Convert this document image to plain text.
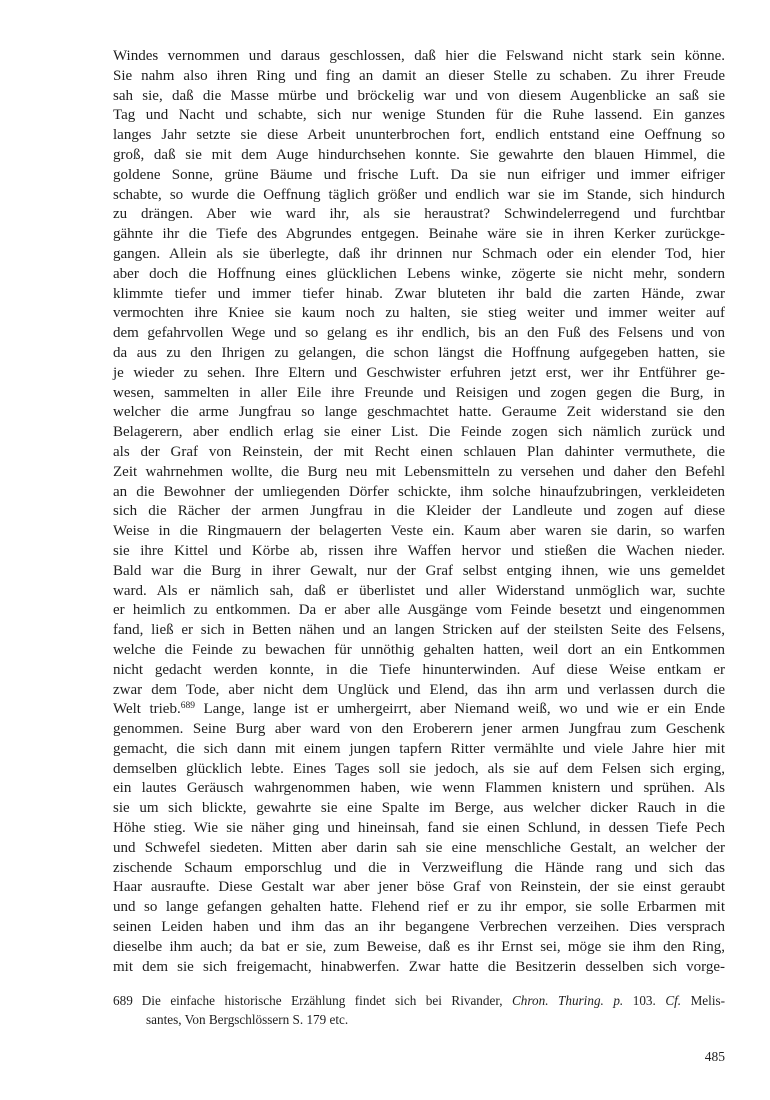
Windes vernommen und daraus geschlossen, daß hier die Felswand nicht stark sein könne.
Sie nahm also ihren Ring und fing an damit an dieser Stelle zu schaben. Zu ihrer Freude
sah sie, daß die Masse mürbe und bröckelig war und von diesem Augenblicke an saß sie
Tag und Nacht und schabte, sich nur wenige Stunden für die Ruhe lassend. Ein ganzes
langes Jahr setzte sie diese Arbeit ununterbrochen fort, endlich entstand eine Oeffnung so
groß, daß sie mit dem Auge hindurchsehen konnte. Sie gewahrte den blauen Himmel, die
goldene Sonne, grüne Bäume und frische Luft. Da sie nun eifriger und immer eifriger
schabte, so wurde die Oeffnung täglich größer und endlich war sie im Stande, sich hindurch
zu drängen. Aber wie ward ihr, als sie heraustrat? Schwindelerregend und furchtbar
gähnte ihr die Tiefe des Abgrundes entgegen. Beinahe wäre sie in ihren Kerker zurückge-
gangen. Allein als sie überlegte, daß ihr drinnen nur Schmach oder ein elender Tod, hier
aber doch die Hoffnung eines glücklichen Lebens winke, zögerte sie nicht mehr, sondern
klimmte tiefer und immer tiefer hinab. Zwar bluteten ihr bald die zarten Hände, zwar
vermochten ihre Kniee sie kaum noch zu halten, sie stieg weiter und immer weiter auf
dem gefahrvollen Wege und so gelang es ihr endlich, bis an den Fuß des Felsens und von
da aus zu den Ihrigen zu gelangen, die schon längst die Hoffnung aufgegeben hatten, sie
je wieder zu sehen. Ihre Eltern und Geschwister erfuhren jetzt erst, wer ihr Entführer ge-
wesen, sammelten in aller Eile ihre Freunde und Reisigen und zogen gegen die Burg, in
welcher die arme Jungfrau so lange geschmachtet hatte. Geraume Zeit widerstand sie den
Belagerern, aber endlich erlag sie einer List. Die Feinde zogen sich nämlich zurück und
als der Graf von Reinstein, der mit Recht einen schlauen Plan dahinter vermuthete, die
Zeit wahrnehmen wollte, die Burg neu mit Lebensmitteln zu versehen und daher den Befehl
an die Bewohner der umliegenden Dörfer schickte, ihm solche hinaufzubringen, verkleideten
sich die Rächer der armen Jungfrau in die Kleider der Landleute und zogen auf diese
Weise in die Ringmauern der belagerten Veste ein. Kaum aber waren sie darin, so warfen
sie ihre Kittel und Körbe ab, rissen ihre Waffen hervor und stießen die Wachen nieder.
Bald war die Burg in ihrer Gewalt, nur der Graf selbst entging ihnen, wie uns gemeldet
ward. Als er nämlich sah, daß er überlistet und aller Widerstand unmöglich war, suchte
er heimlich zu entkommen. Da er aber alle Ausgänge vom Feinde besetzt und eingenommen
fand, ließ er sich in Betten nähen und an langen Stricken auf der steilsten Seite des Felsens,
welche die Feinde zu bewachen für unnöthig gehalten hatten, weil dort an ein Entkommen
nicht gedacht werden konnte, in die Tiefe hinunterwinden. Auf diese Weise entkam er
zwar dem Tode, aber nicht dem Unglück und Elend, das ihn arm und verlassen durch die
Welt trieb.$^{689}$ Lange, lange ist er umhergeirrt, aber Niemand weiß, wo und wie er ein Ende
genommen. Seine Burg aber ward von den Eroberern jener armen Jungfrau zum Geschenk
gemacht, die sich dann mit einem jungen tapfern Ritter vermählte und viele Jahre hier mit
demselben glücklich lebte. Eines Tages soll sie jedoch, als sie auf dem Felsen sich erging,
ein lautes Geräusch wahrgenommen haben, wie wenn Flammen knistern und sprühen. Als
sie um sich blickte, gewahrte sie eine Spalte im Berge, aus welcher dicker Rauch in die
Höhe stieg. Wie sie näher ging und hineinsah, fand sie einen Schlund, in dessen Tiefe Pech
und Schwefel siedeten. Mitten aber darin sah sie eine menschliche Gestalt, an welcher der
zischende Schaum emporschlug und die in Verzweiflung die Hände rang und sich das
Haar ausraufte. Diese Gestalt war aber jener böse Graf von Reinstein, der sie einst geraubt
und so lange gefangen gehalten hatte. Flehend rief er zu ihr empor, sie solle Erbarmen mit
seinen Leiden haben und ihm das an ihr begangene Verbrechen verzeihen. Dies versprach
dieselbe ihm auch; da bat er sie, zum Beweise, daß es ihr Ernst sei, möge sie ihm den Ring,
mit dem sie sich freigemacht, hinabwerfen. Zwar hatte die Besitzerin desselben sich vorge-
689 Die einfache historische Erzählung findet sich bei Rivander, Chron. Thuring. p. 103. Cf. Melis-
santes, Von Bergschlössern S. 179 etc.
485
